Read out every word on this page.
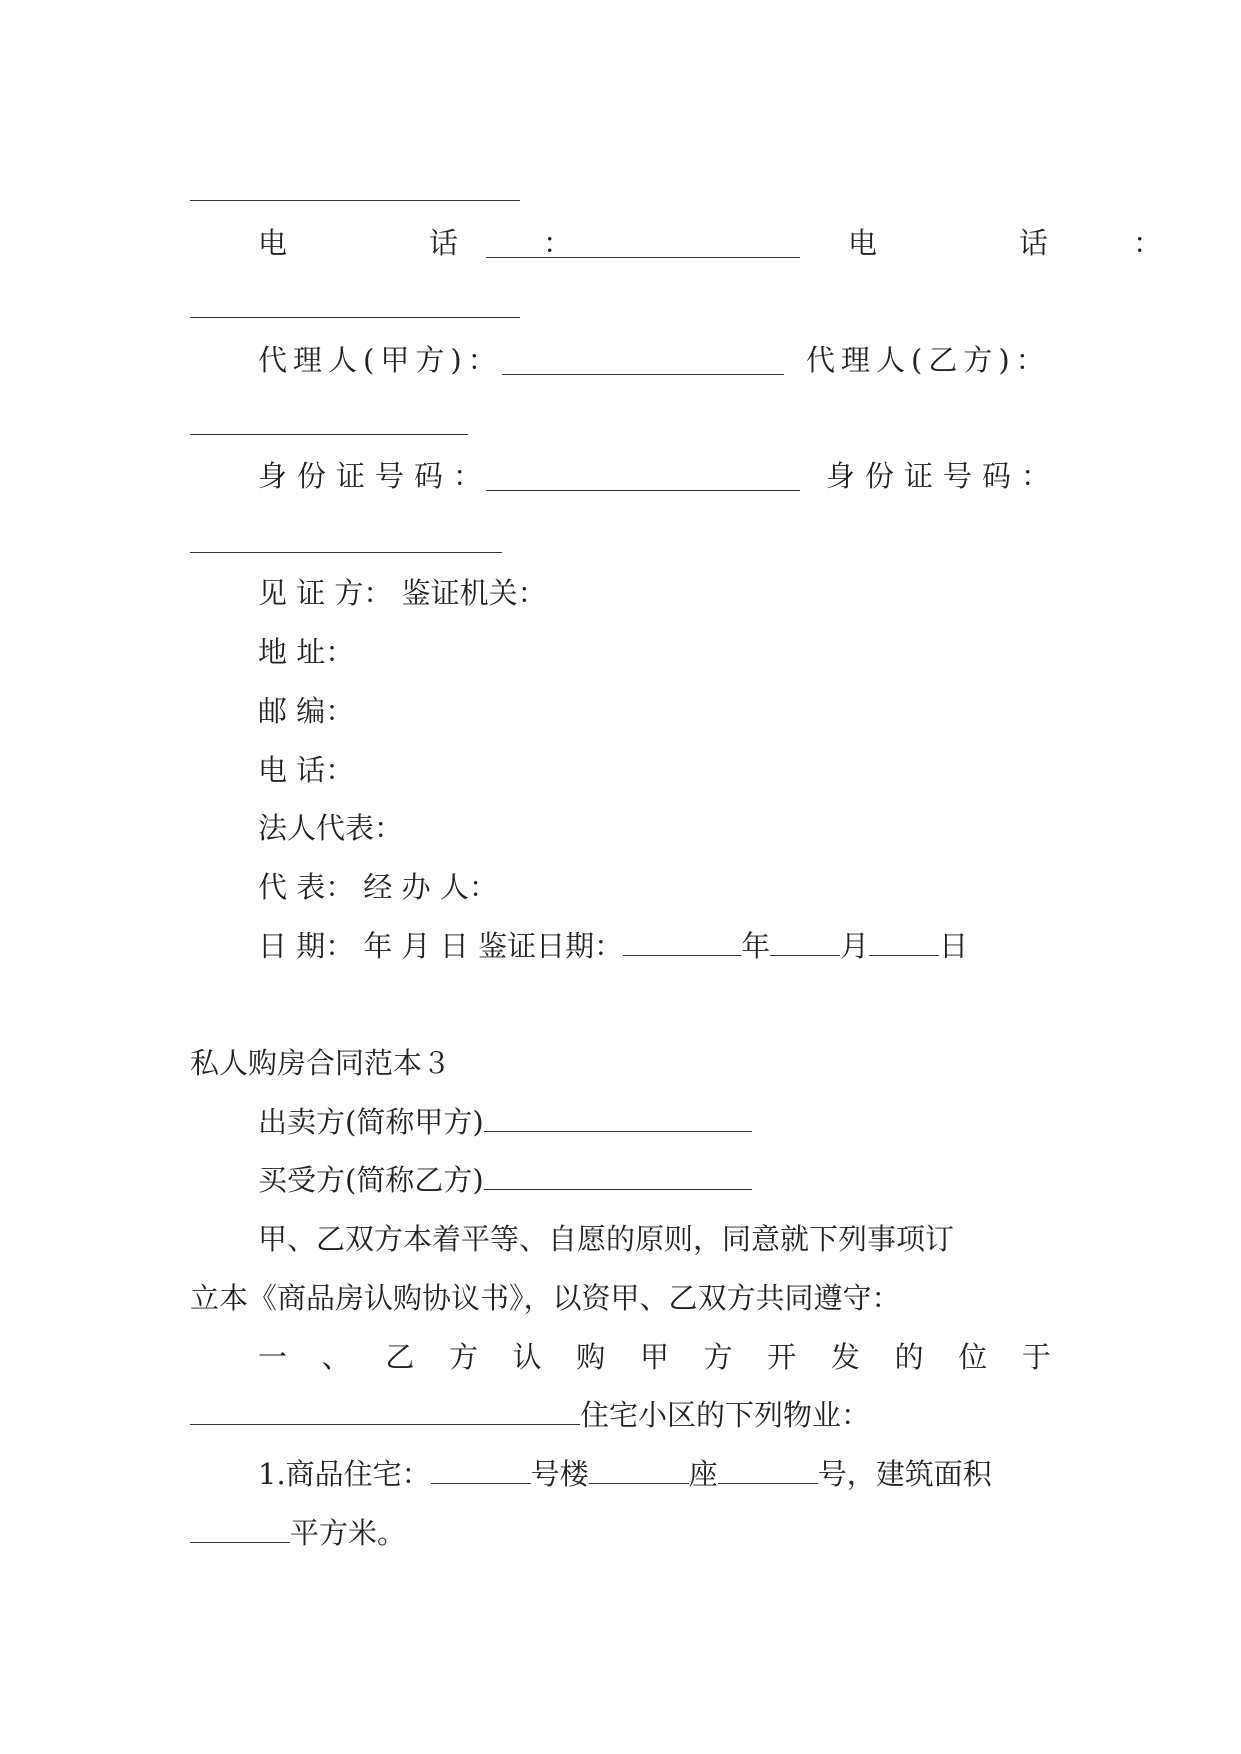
电　　话　：	电　　话　：
代理人(甲方)：	代理人(乙方)：
身份证号码：	身份证号码：
见 证 方： 鉴证机关：
地 址：
邮 编：
电 话：
法人代表：
代 表： 经 办 人：
日 期： 年 月 日 鉴证日期：	年 月 日
私人购房合同范本３
出卖方(简称甲方)
买受方(简称乙方)
甲、乙双方本着平等、自愿的原则，同意就下列事项订
立本《商品房认购协议书》，以资甲、乙双方共同遵守：
一 、 乙 方 认 购 甲 方 开 发 的 位 于
住宅小区的下列物业：
1.商品住宅：	号楼	座	号，建筑面积
平方米。
